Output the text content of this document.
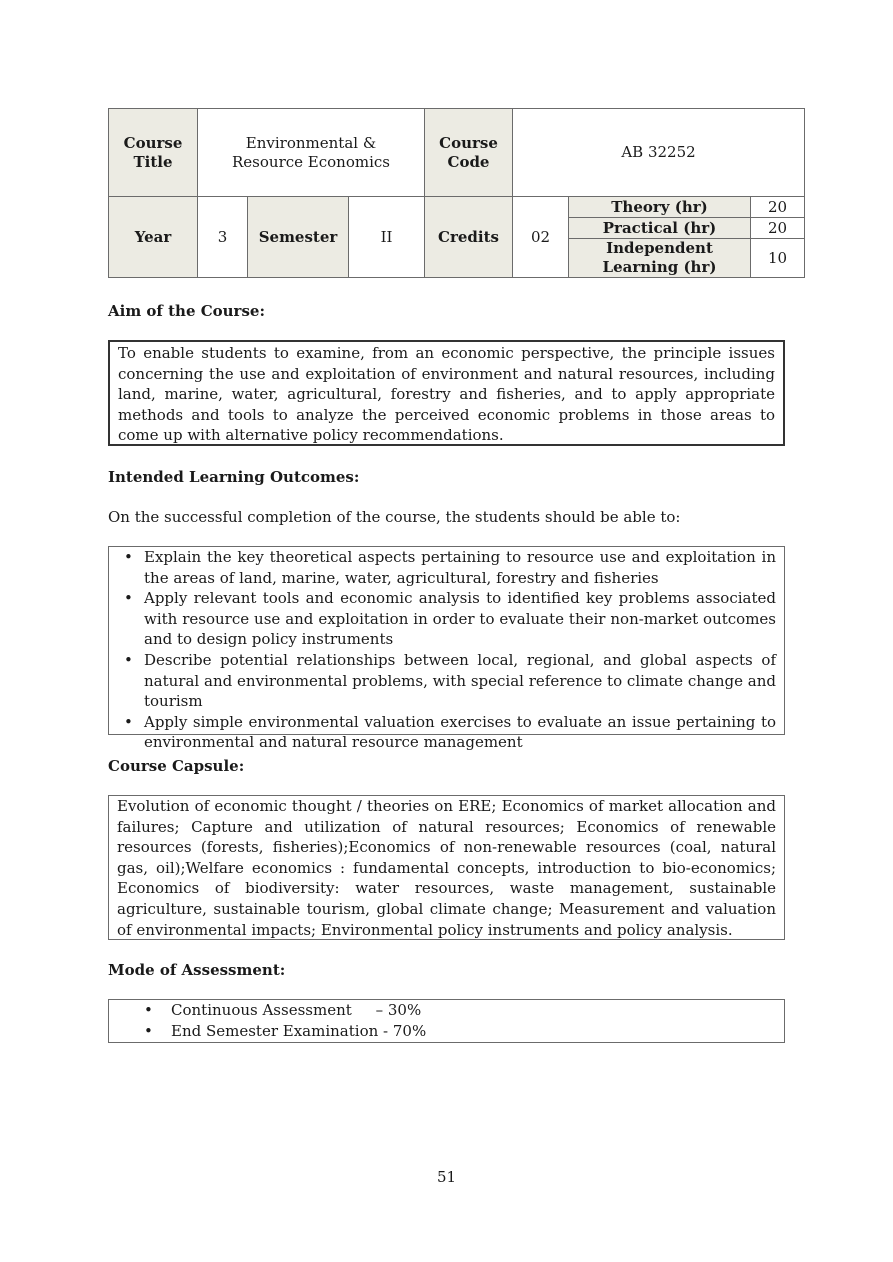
Course Title	Environmental & Resource Economics			Course Code	AB 32252		
Year	3	Semester	II	Credits	02	Theory (hr)	20
						Practical (hr)	20
						Independent Learning (hr)	10
Aim of the Course:
To enable students to examine, from an economic perspective, the principle issues concerning the use and exploitation of environment and natural resources, including land, marine, water, agricultural, forestry and fisheries, and to apply appropriate methods and tools to analyze the perceived economic problems in those areas to come up with alternative policy recommendations.
Intended Learning Outcomes:
On the successful completion of the course, the students should be able to:
• Explain the key theoretical aspects pertaining to resource use and exploitation in the areas of land, marine, water, agricultural, forestry and fisheries
• Apply relevant tools and economic analysis to identified key problems associated with resource use and exploitation in order to evaluate their non-market outcomes and to design policy instruments
• Describe potential relationships between local, regional, and global aspects of natural and environmental problems, with special reference to climate change and tourism
• Apply simple environmental valuation exercises to evaluate an issue pertaining to environmental and natural resource management
Course Capsule:
Evolution of economic thought / theories on ERE; Economics of market allocation and failures; Capture and utilization of natural resources; Economics of renewable resources (forests, fisheries);Economics of non-renewable resources (coal, natural gas, oil);Welfare economics : fundamental concepts, introduction to bio-economics; Economics of biodiversity: water resources, waste management, sustainable agriculture, sustainable tourism, global climate change; Measurement and valuation of environmental impacts; Environmental policy instruments and policy analysis.
Mode of Assessment:
• Continuous Assessment     – 30%
• End Semester Examination - 70%
51
